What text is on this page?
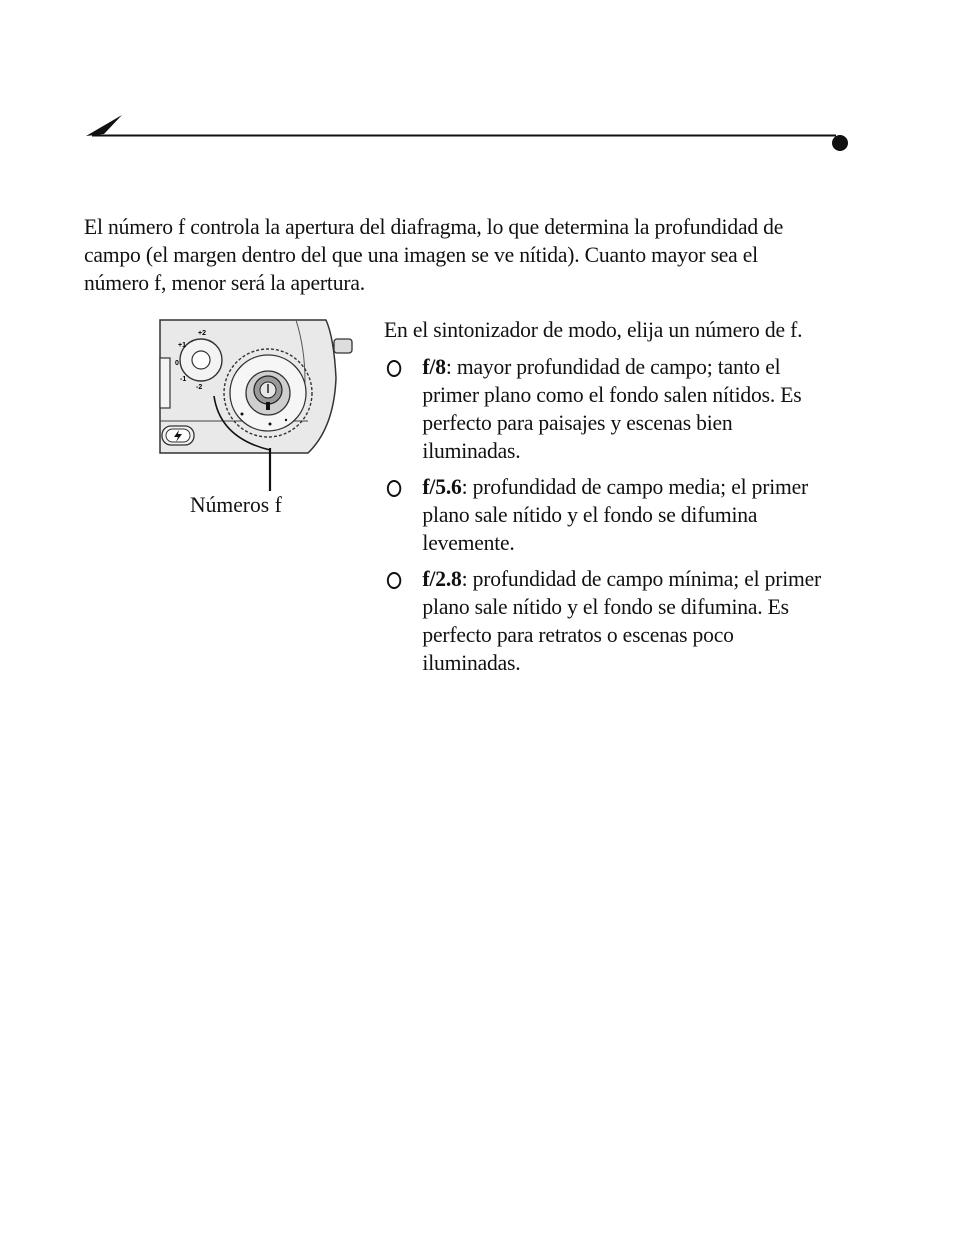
El número f controla la apertura del diafragma, lo que determina la profundidad de campo (el margen dentro del que una imagen se ve nítida). Cuanto mayor sea el número f, menor será la apertura.

0
-1
-2
+1
+2
Números f

En el sintonizador de modo, elija un número de f.

f/8: mayor profundidad de campo; tanto el primer plano como el fondo salen nítidos. Es perfecto para paisajes y escenas bien iluminadas.
f/5.6: profundidad de campo media; el primer plano sale nítido y el fondo se difumina levemente.
f/2.8: profundidad de campo mínima; el primer plano sale nítido y el fondo se difumina. Es perfecto para retratos o escenas poco iluminadas.
